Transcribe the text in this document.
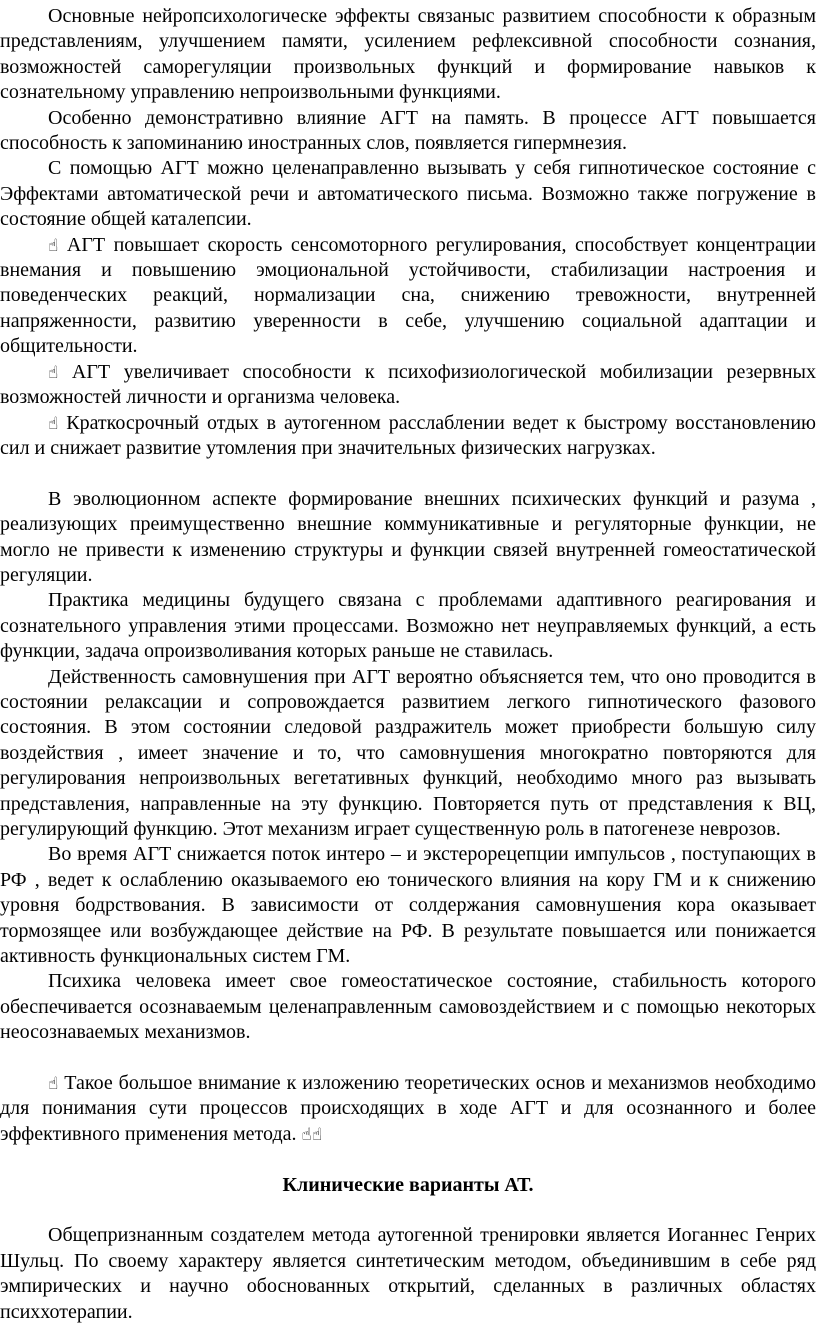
Основные нейропсихологическе эффекты связаныс развитием способности к образным представлениям, улучшением памяти, усилением рефлексивной способности сознания, возможностей саморегуляции произвольных функций и формирование навыков к сознательному управлению непроизвольными функциями.

Особенно демонстративно влияние АГТ на память. В процессе АГТ повышается способность к запоминанию иностранных слов, появляется гипермнезия.

С помощью АГТ можно целенаправленно вызывать у себя гипнотическое состояние с Эффектами автоматической речи и автоматического письма. Возможно также погружение в состояние общей каталепсии.

☝ АГТ повышает скорость сенсомоторного регулирования, способствует концентрации внемания и повышению эмоциональной устойчивости, стабилизации настроения и поведенческих реакций, нормализации сна, снижению тревожности, внутренней напряженности, развитию уверенности в себе, улучшению социальной адаптации и общительности.

☝ АГТ увеличивает способности к психофизиологической мобилизации резервных возможностей личности и организма человека.

☝ Краткосрочный отдых в аутогенном расслаблении ведет к быстрому восстановлению сил и снижает развитие утомления при значительных физических нагрузках.

В эволюционном аспекте формирование внешних психических функций и разума , реализующих преимущественно внешние коммуникативные и регуляторные функции, не могло не привести к изменению структуры и функции связей внутренней гомеостатической регуляции.

Практика медицины будущего связана с проблемами адаптивного реагирования и сознательного управления этими процессами. Возможно нет неуправляемых функций, а есть функции, задача опроизволивания которых раньше не ставилась.

Действенность самовнушения при АГТ вероятно объясняется тем, что оно проводится в состоянии релаксации и сопровождается развитием легкого гипнотического фазового состояния. В этом состоянии следовой раздражитель может приобрести большую силу воздействия , имеет значение и то, что самовнушения многократно повторяются для регулирования непроизвольных вегетативных функций, необходимо много раз вызывать представления, направленные на эту функцию. Повторяется путь от представления к ВЦ, регулирующий функцию. Этот механизм играет существенную роль в патогенезе неврозов.

Во время АГТ снижается поток интеро – и экстерорецепции импульсов , поступающих в РФ , ведет к ослаблению оказываемого ею тонического влияния на кору ГМ и к снижению уровня бодрствования. В зависимости от солдержания самовнушения кора оказывает тормозящее или возбуждающее действие на РФ. В результате повышается или понижается активность функциональных систем ГМ.

Психика человека имеет свое гомеостатическое состояние, стабильность которого обеспечивается осознаваемым целенаправленным самовоздействием и с помощью некоторых неосознаваемых механизмов.

☝ Такое большое внимание к изложению теоретических основ и механизмов необходимо для понимания сути процессов происходящих в ходе АГТ и для осознанного и более эффективного применения метода. ☝☝

Клинические варианты АТ.

Общепризнанным создателем метода аутогенной тренировки является Иоганнес Генрих Шульц. По своему характеру является синтетическим методом, объединившим в себе ряд эмпирических и научно обоснованных открытий, сделанных в различных областях психхотерапии.
